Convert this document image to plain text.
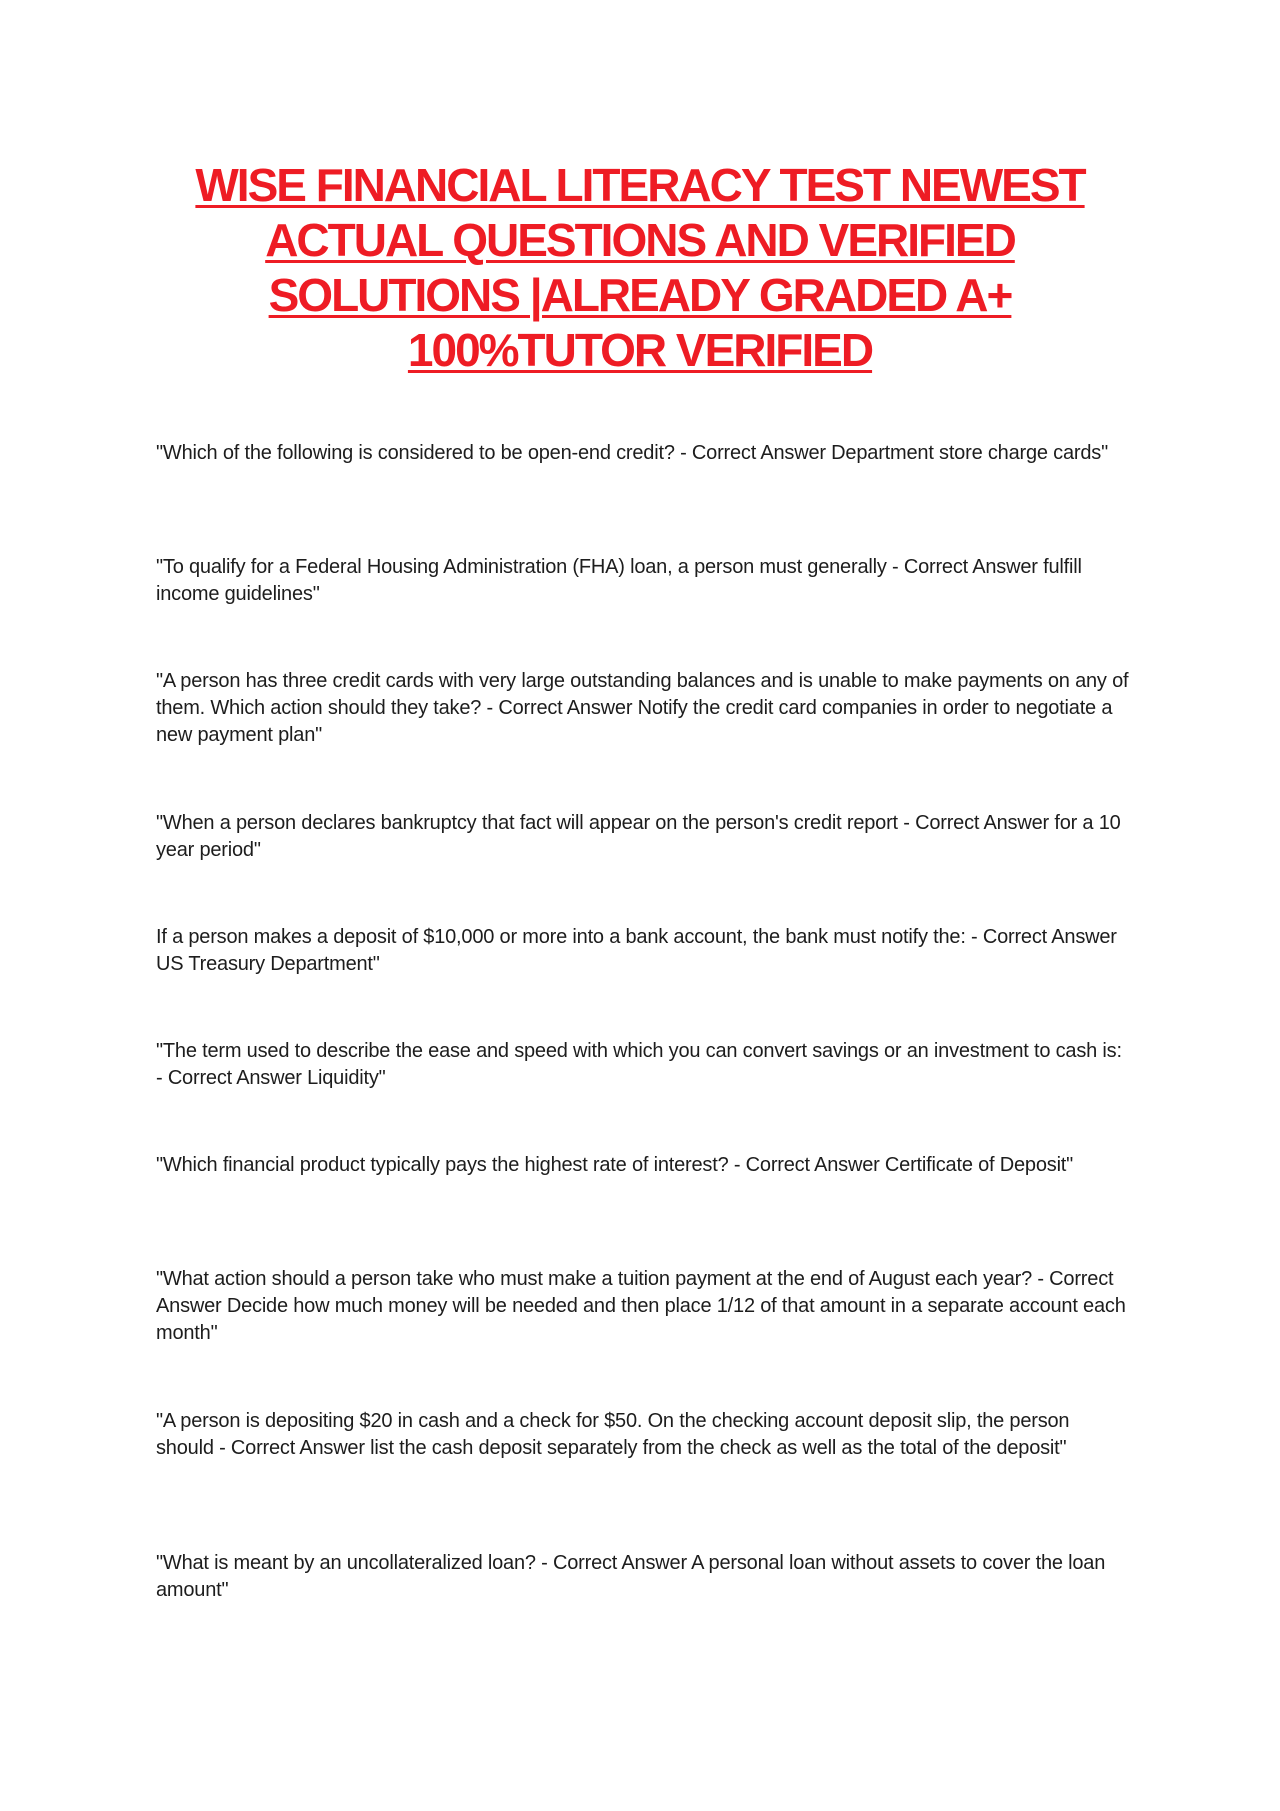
WISE FINANCIAL LITERACY TEST NEWEST
ACTUAL QUESTIONS AND VERIFIED
SOLUTIONS |ALREADY GRADED A+
100%TUTOR VERIFIED
"Which of the following is considered to be open-end credit? - Correct Answer Department store charge cards"
"To qualify for a Federal Housing Administration (FHA) loan, a person must generally - Correct Answer fulfill income guidelines"
"A person has three credit cards with very large outstanding balances and is unable to make payments on any of them. Which action should they take? - Correct Answer Notify the credit card companies in order to negotiate a new payment plan"
"When a person declares bankruptcy that fact will appear on the person's credit report - Correct Answer for a 10 year period"
If a person makes a deposit of $10,000 or more into a bank account, the bank must notify the: - Correct Answer US Treasury Department"
"The term used to describe the ease and speed with which you can convert savings or an investment to cash is: - Correct Answer Liquidity"
"Which financial product typically pays the highest rate of interest? - Correct Answer Certificate of Deposit"
"What action should a person take who must make a tuition payment at the end of August each year? - Correct Answer Decide how much money will be needed and then place 1/12 of that amount in a separate account each month"
"A person is depositing $20 in cash and a check for $50. On the checking account deposit slip, the person should - Correct Answer list the cash deposit separately from the check as well as the total of the deposit"
"What is meant by an uncollateralized loan? - Correct Answer A personal loan without assets to cover the loan amount"
